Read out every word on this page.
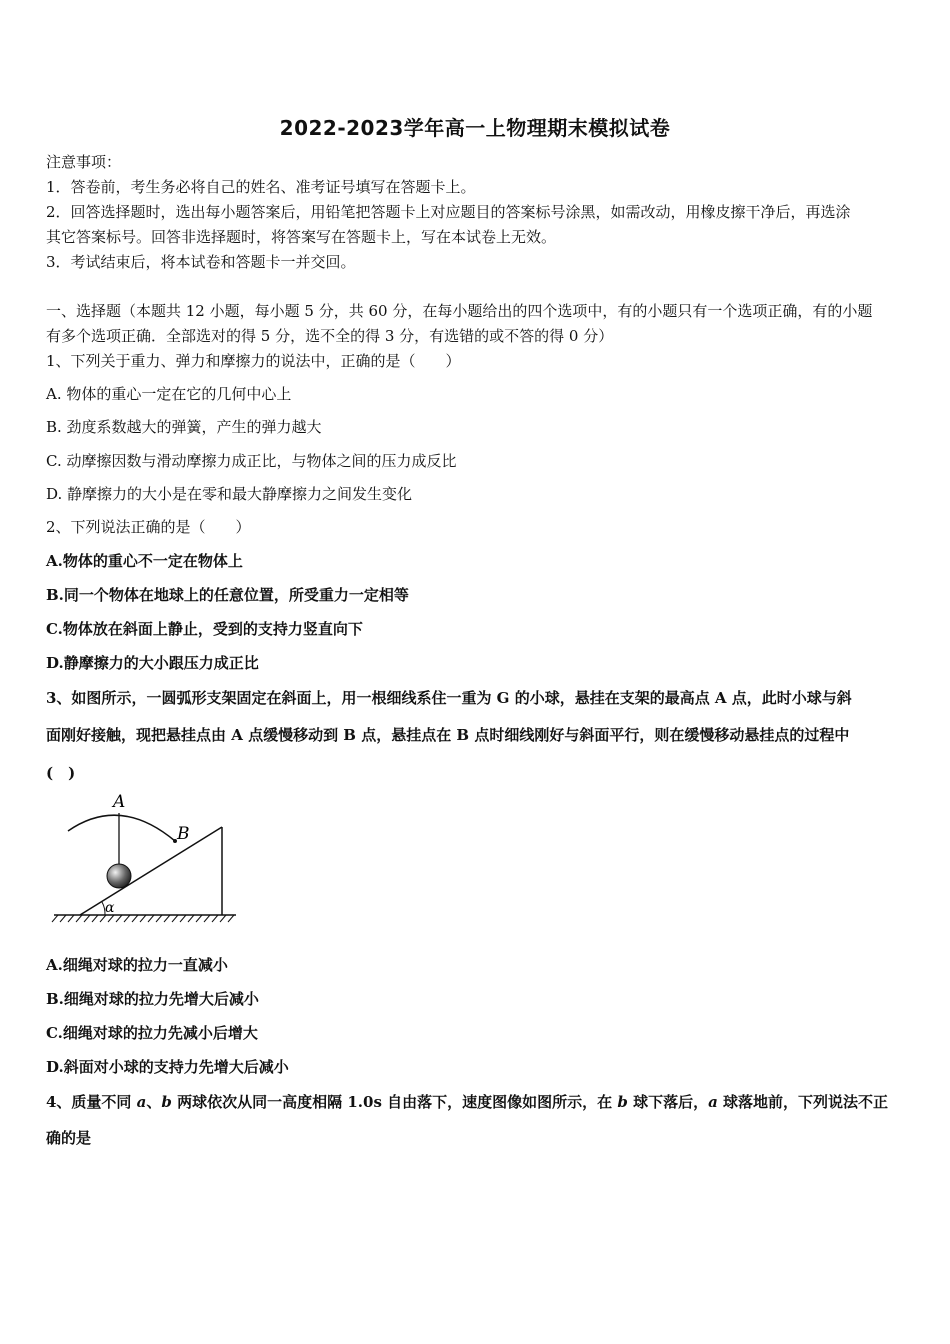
2022-2023学年高一上物理期末模拟试卷
注意事项：
1．答卷前，考生务必将自己的姓名、准考证号填写在答题卡上。
2．回答选择题时，选出每小题答案后，用铅笔把答题卡上对应题目的答案标号涂黑，如需改动，用橡皮擦干净后，再选涂
其它答案标号。回答非选择题时，将答案写在答题卡上，写在本试卷上无效。
3．考试结束后，将本试卷和答题卡一并交回。
一、选择题（本题共 12 小题，每小题 5 分，共 60 分，在每小题给出的四个选项中，有的小题只有一个选项正确，有的小题
有多个选项正确．全部选对的得 5 分，选不全的得 3 分，有选错的或不答的得 0 分）
1、下列关于重力、弹力和摩擦力的说法中，正确的是（　　）
A. 物体的重心一定在它的几何中心上
B. 劲度系数越大的弹簧，产生的弹力越大
C. 动摩擦因数与滑动摩擦力成正比，与物体之间的压力成反比
D. 静摩擦力的大小是在零和最大静摩擦力之间发生变化
2、下列说法正确的是（　　）
A.物体的重心不一定在物体上
B.同一个物体在地球上的任意位置，所受重力一定相等
C.物体放在斜面上静止，受到的支持力竖直向下
D.静摩擦力的大小跟压力成正比
3、如图所示，一圆弧形支架固定在斜面上，用一根细线系住一重为 G 的小球，悬挂在支架的最高点 A 点，此时小球与斜
面刚好接触，现把悬挂点由 A 点缓慢移动到 B 点，悬挂点在 B 点时细线刚好与斜面平行，则在缓慢移动悬挂点的过程中
(　)
A
B
α
A.细绳对球的拉力一直减小
B.细绳对球的拉力先增大后减小
C.细绳对球的拉力先减小后增大
D.斜面对小球的支持力先增大后减小
4、质量不同 a、b 两球依次从同一高度相隔 1.0s 自由落下，速度图像如图所示，在 b 球下落后，a 球落地前，下列说法不正
确的是
